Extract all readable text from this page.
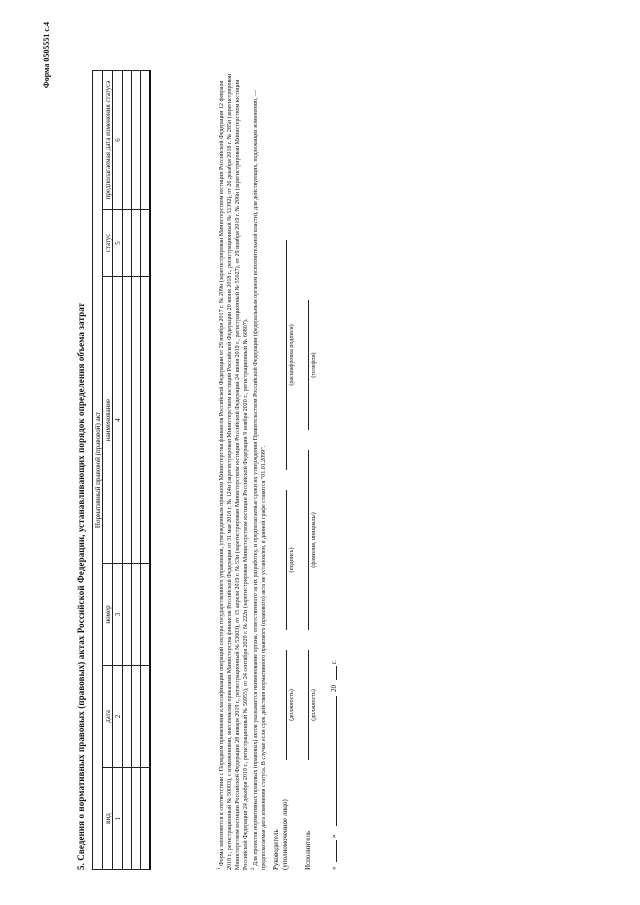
Форма 0505551 с.4
5. Сведения о нормативных правовых (правовых) актах Российской Федерации, устанавливающих порядок определения объема затрат Нормативный правовой (правовой) акт					
вид	дата	номер	наименование	статус	предполагаемая дата изменения статуса
1	2	3	4	5	6

$^1$ Форма заполняется в соответствии с Порядком применения классификации операций сектора государственного управления, утвержденным приказом Министерства финансов Российской Федерации от 29 ноября 2017 г. № 209н (зарегистрирован Министерством юстиции Российской Федерации 12 февраля 2018 г., регистрационный № 50003), с изменениями, внесенными приказами Министерства финансов Российской Федерации от 31 мая 2018 г. № 124н (зарегистрирован Министерством юстиции Российской Федерации 20 июня 2018 г., регистрационный № 51392), от 26 декабря 2018 г. № 285н (зарегистрирован Министерством юстиции Российской Федерации 28 января 2019 г., регистрационный № 53603), от 15 апреля 2019 г. № 53н (зарегистрирован Министерством юстиции Российской Федерации 24 июня 2019 г., регистрационный № 55027), от 29 ноября 2019 г. № 206н (зарегистрирован Министерством юстиции Российской Федерации 24 декабря 2019 г., регистрационный № 56955), от 24 сентября 2020 г. № 222н (зарегистрирован Министерством юстиции Российской Федерации 9 ноября 2020 г., регистрационный № 60807). $^2$ Для проектов нормативных правовых (правовых) актов указывается наименование органа, ответственного за их разработку, и предполагаемые сроки их утверждения Правительством Российской Федерации (федеральным органом исполнительной власти), для действующих, подлежащих изменению, — предполагаемая дата изменения статуса. В случае если срок действия нормативного правового (правового) акта не установлен, в данной графе ставится "01.01.2099". Руководитель (уполномоченное лицо)
(должность)
(подпись)
(расшифровка подписи)
Исполнитель
(должность)
(фамилия, инициалы)
(телефон)
«
»
20
г.
